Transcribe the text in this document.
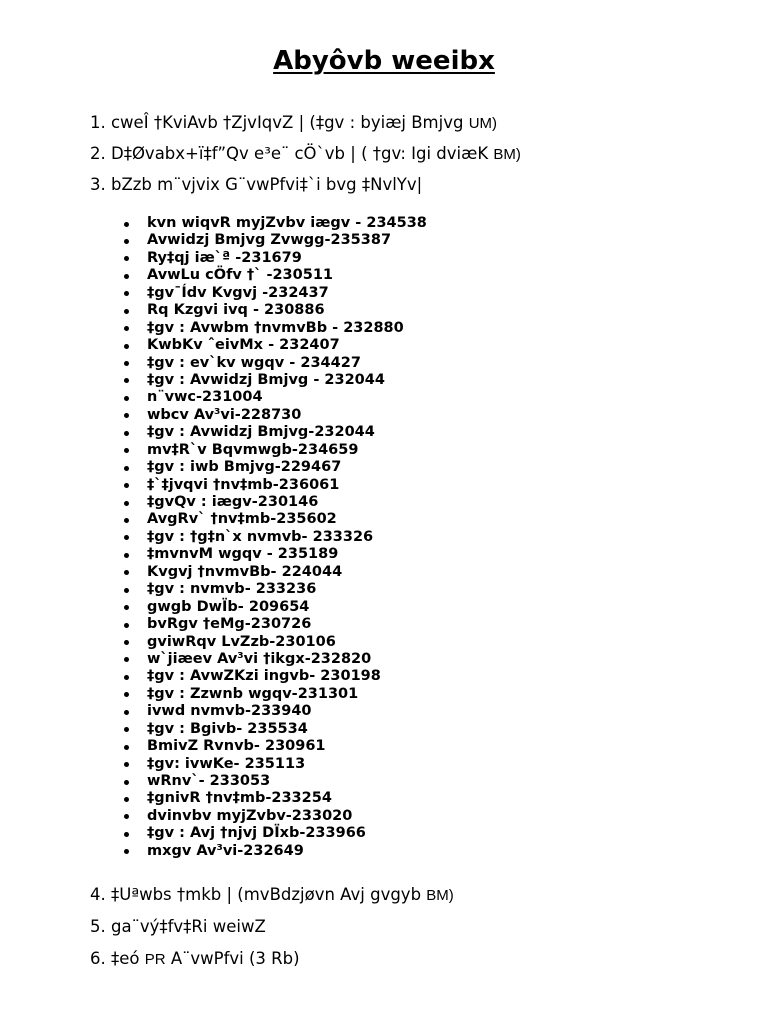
Abyôvb weeibx
1. cweÎ †KviAvb †ZjvIqvZ | (‡gv : byiæj Bmjvg UM)
2. D‡Øvabx+ï‡f”Qv e³e¨ cÖ`vb | ( †gv: Igi dviæK BM)
3. bZzb m¨vjvix G¨vwPfvi‡`i bvg ‡NvlYv|
kvn wiqvR myjZvbv iægv - 234538
Avwidzj Bmjvg Zvwgg-235387
Ry‡qj iæ`ª -231679
AvwLu cÖfv †` -230511
‡gv¯Ídv Kvgvj -232437
Rq Kzgvi ivq - 230886
‡gv : Avwbm †nvmvBb - 232880
KwbKv ˆeivMx - 232407
‡gv : ev`kv wgqv - 234427
‡gv : Avwidzj Bmjvg - 232044
n¨vwc-231004
wbcv Av³vi-228730
‡gv : Avwidzj Bmjvg-232044
mv‡R`v Bqvmwgb-234659
‡gv : iwb Bmjvg-229467
‡`‡jvqvi †nv‡mb-236061
‡gvQv : iægv-230146
AvgRv` †nv‡mb-235602
‡gv : †g‡n`x nvmvb- 233326
‡mvnvM wgqv - 235189
Kvgvj †nvmvBb- 224044
‡gv : nvmvb- 233236
gwgb DwÏb- 209654
bvRgv †eMg-230726
gviwRqv LvZzb-230106
w`jiæev Av³vi †ikgx-232820
‡gv : AvwZKzi ingvb- 230198
‡gv : Zzwnb wgqv-231301
ivwd nvmvb-233940
‡gv : Bgivb- 235534
BmivZ Rvnvb- 230961
‡gv: ivwKe- 235113
wRnv`- 233053
‡gnivR †nv‡mb-233254
dvinvbv myjZvbv-233020
‡gv : Avj †njvj DÏxb-233966
mxgv Av³vi-232649
4. ‡Uªwbs †mkb | (mvBdzjøvn Avj gvgyb BM)
5. ga¨vý‡fv‡Ri weiwZ
6. ‡eó PR A¨vwPfvi (3 Rb)
